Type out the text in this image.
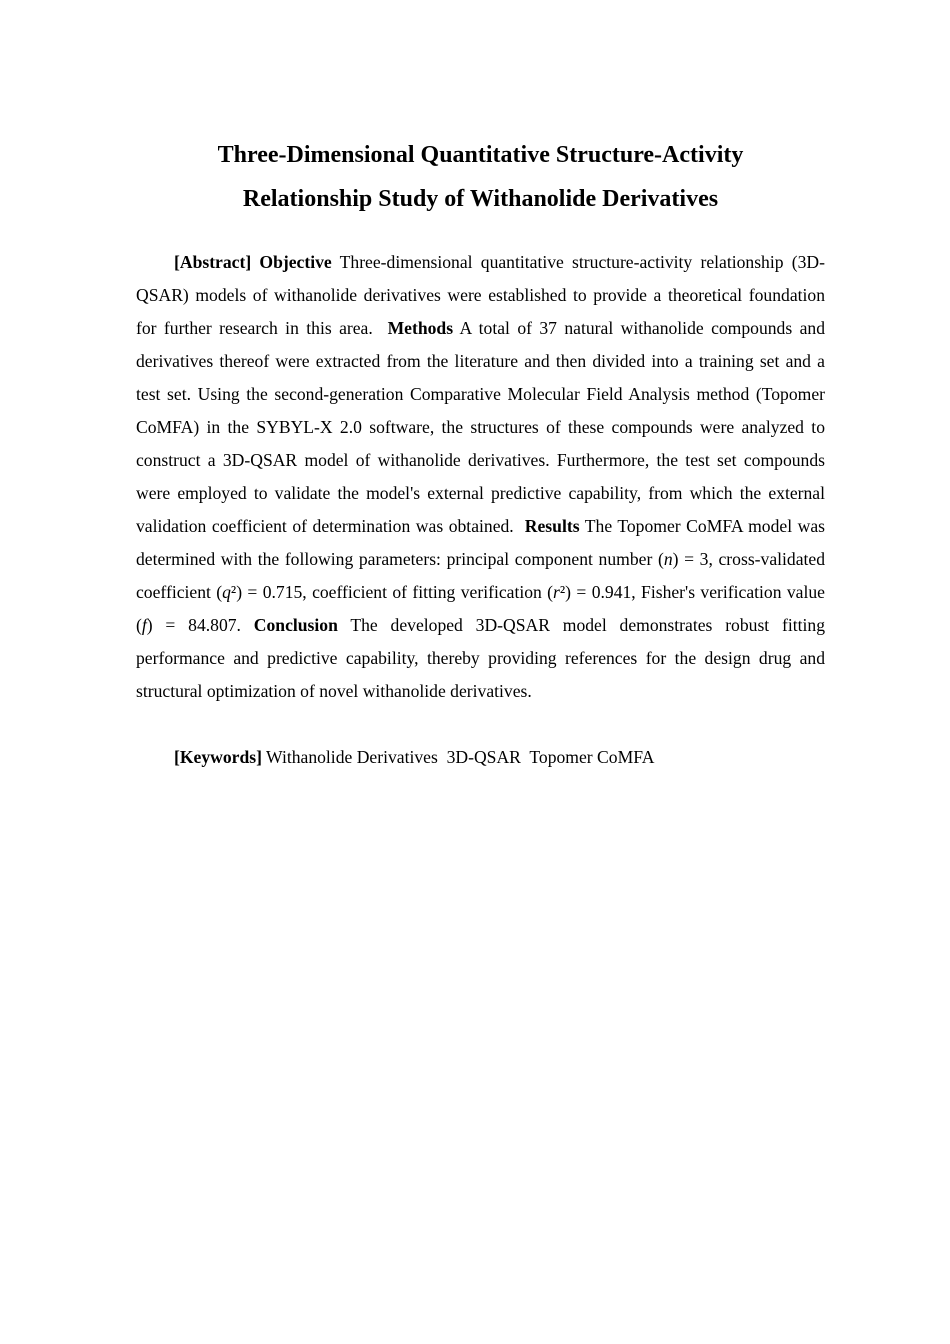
Three-Dimensional Quantitative Structure-Activity
Relationship Study of Withanolide Derivatives

[Abstract] Objective Three-dimensional quantitative structure-activity relationship (3D-QSAR) models of withanolide derivatives were established to provide a theoretical foundation for further research in this area. Methods A total of 37 natural withanolide compounds and derivatives thereof were extracted from the literature and then divided into a training set and a test set. Using the second-generation Comparative Molecular Field Analysis method (Topomer CoMFA) in the SYBYL-X 2.0 software, the structures of these compounds were analyzed to construct a 3D-QSAR model of withanolide derivatives. Furthermore, the test set compounds were employed to validate the model's external predictive capability, from which the external validation coefficient of determination was obtained. Results The Topomer CoMFA model was determined with the following parameters: principal component number (n) = 3, cross-validated coefficient (q²) = 0.715, coefficient of fitting verification (r²) = 0.941, Fisher's verification value (f) = 84.807. Conclusion The developed 3D-QSAR model demonstrates robust fitting performance and predictive capability, thereby providing references for the design drug and structural optimization of novel withanolide derivatives.

[Keywords] Withanolide Derivatives 3D-QSAR Topomer CoMFA
